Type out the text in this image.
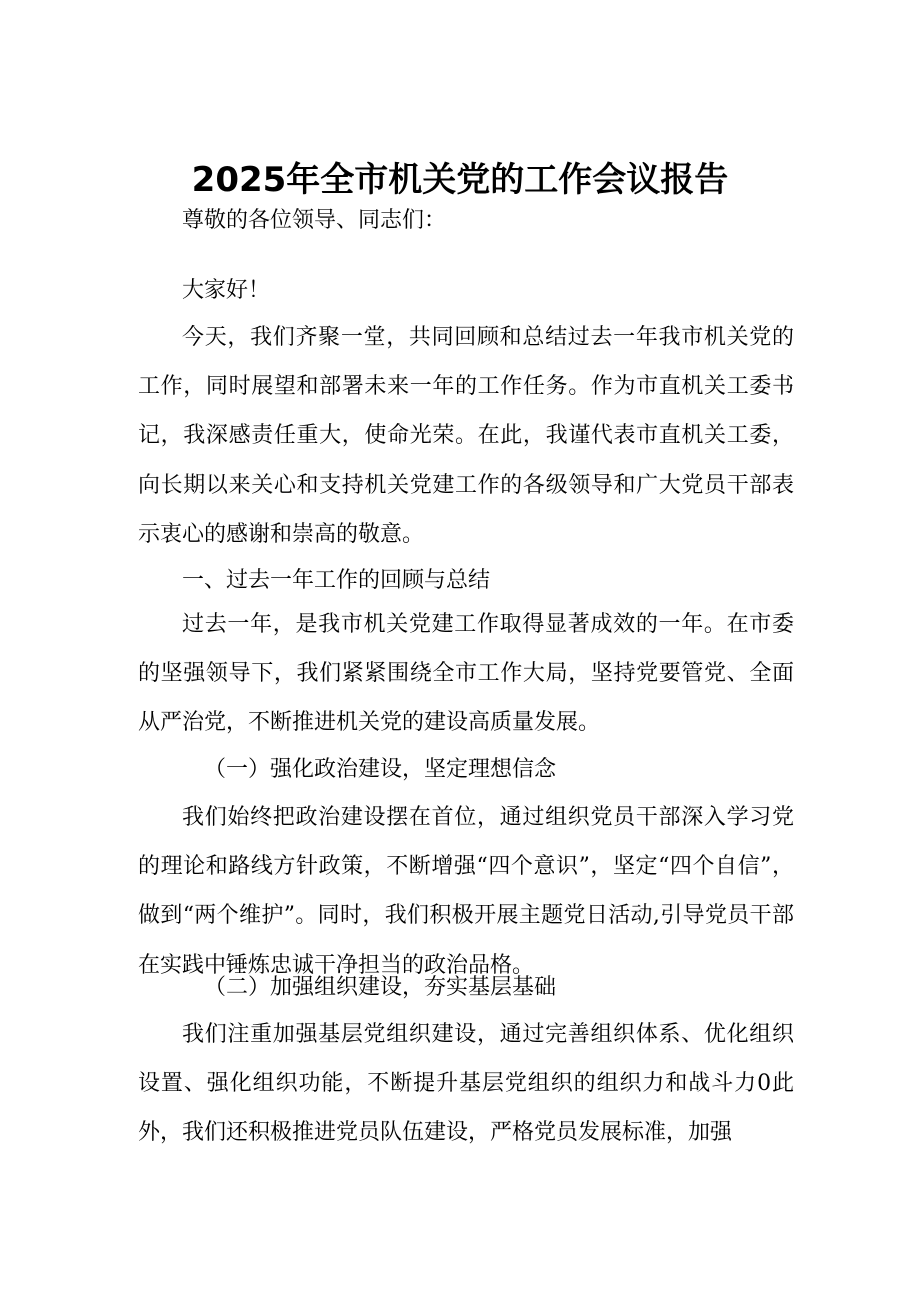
2025年全市机关党的工作会议报告

尊敬的各位领导、同志们：

大家好！

今天，我们齐聚一堂，共同回顾和总结过去一年我市机关党的工作，同时展望和部署未来一年的工作任务。作为市直机关工委书记，我深感责任重大，使命光荣。在此，我谨代表市直机关工委，向长期以来关心和支持机关党建工作的各级领导和广大党员干部表示衷心的感谢和崇高的敬意。

一、过去一年工作的回顾与总结

过去一年，是我市机关党建工作取得显著成效的一年。在市委的坚强领导下，我们紧紧围绕全市工作大局，坚持党要管党、全面从严治党，不断推进机关党的建设高质量发展。

（一）强化政治建设，坚定理想信念

我们始终把政治建设摆在首位，通过组织党员干部深入学习党的理论和路线方针政策，不断增强“四个意识”，坚定“四个自信”，做到“两个维护”。同时，我们积极开展主题党日活动,引导党员干部在实践中锤炼忠诚干净担当的政治品格。

（二）加强组织建设，夯实基层基础

我们注重加强基层党组织建设，通过完善组织体系、优化组织设置、强化组织功能，不断提升基层党组织的组织力和战斗力0此外，我们还积极推进党员队伍建设，严格党员发展标准，加强
